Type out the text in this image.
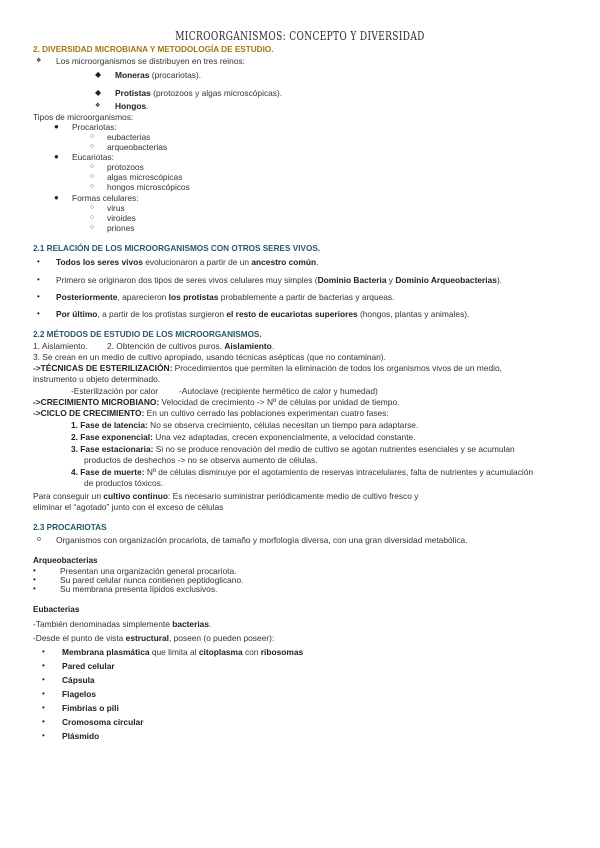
MICROORGANISMOS: CONCEPTO Y DIVERSIDAD
2. DIVERSIDAD MICROBIANA Y METODOLOGÍA DE ESTUDIO.
❖ Los microorganismos se distribuyen en tres reinos:
◆ Moneras (procariotas).
◆ Protistas (protozoos y algas microscópicas).
❖ Hongos.
Tipos de microorganismos:
● Procariotas:
○ eubacterias
○ arqueobacterias
● Eucariotas:
○ protozoos
○ algas microscópicas
○ hongos microscópicos
● Formas celulares:
○ virus
○ viroides
○ priones
2.1 RELACIÓN DE LOS MICROORGANISMOS CON OTROS SERES VIVOS.
• Todos los seres vivos evolucionaron a partir de un ancestro común.
• Primero se originaron dos tipos de seres vivos celulares muy simples (Dominio Bacteria y Dominio Arqueobacterias).
• Posteriormente, aparecieron los protistas probablemente a partir de bacterias y arqueas.
• Por último, a partir de los protistas surgieron el resto de eucariotas superiores (hongos, plantas y animales).
2.2 MÉTODOS DE ESTUDIO DE LOS MICROORGANISMOS.
1. Aislamiento. 2. Obtención de cultivos puros. Aislamiento.
3. Se crean en un medio de cultivo apropiado, usando técnicas asépticas (que no contaminan).
->TÉCNICAS DE ESTERILIZACIÓN: Procedimientos que permiten la eliminación de todos los organismos vivos de un medio,
instrumento u objeto determinado.
-Esterilización por calor -Autoclave (recipiente hermético de calor y humedad)
->CRECIMIENTO MICROBIANO: Velocidad de crecimiento -> Nº de células por unidad de tiempo.
->CICLO DE CRECIMIENTO: En un cultivo cerrado las poblaciones experimentan cuatro fases:
1. Fase de latencia: No se observa crecimiento, células necesitan un tiempo para adaptarse.
2. Fase exponencial: Una vez adaptadas, crecen exponencialmente, a velocidad constante.
3. Fase estacionaria: Si no se produce renovación del medio de cultivo se agotan nutrientes esenciales y se acumulan
productos de deshechos -> no se observa aumento de células.
4. Fase de muerte: Nº de células disminuye por el agotamiento de reservas intracelulares, falta de nutrientes y acumulación
de productos tóxicos.
Para conseguir un cultivo continuo: Es necesario suministrar periódicamente medio de cultivo fresco y
eliminar el “agotado” junto con el exceso de células
2.3 PROCARIOTAS
o Organismos con organización procariota, de tamaño y morfología diversa, con una gran diversidad metabólica.
Arqueobacterias
•	Presentan una organización general procariota.
•	Su pared celular nunca contienen peptidoglicano.
•	Su membrana presenta lípidos exclusivos.
Eubacterias
-También denominadas simplemente bacterias.
-Desde el punto de vista estructural, poseen (o pueden poseer):
• Membrana plasmática que limita al citoplasma con ribosomas
• Pared celular
• Cápsula
• Flagelos
• Fimbrias o pili
• Cromosoma circular
• Plásmido
